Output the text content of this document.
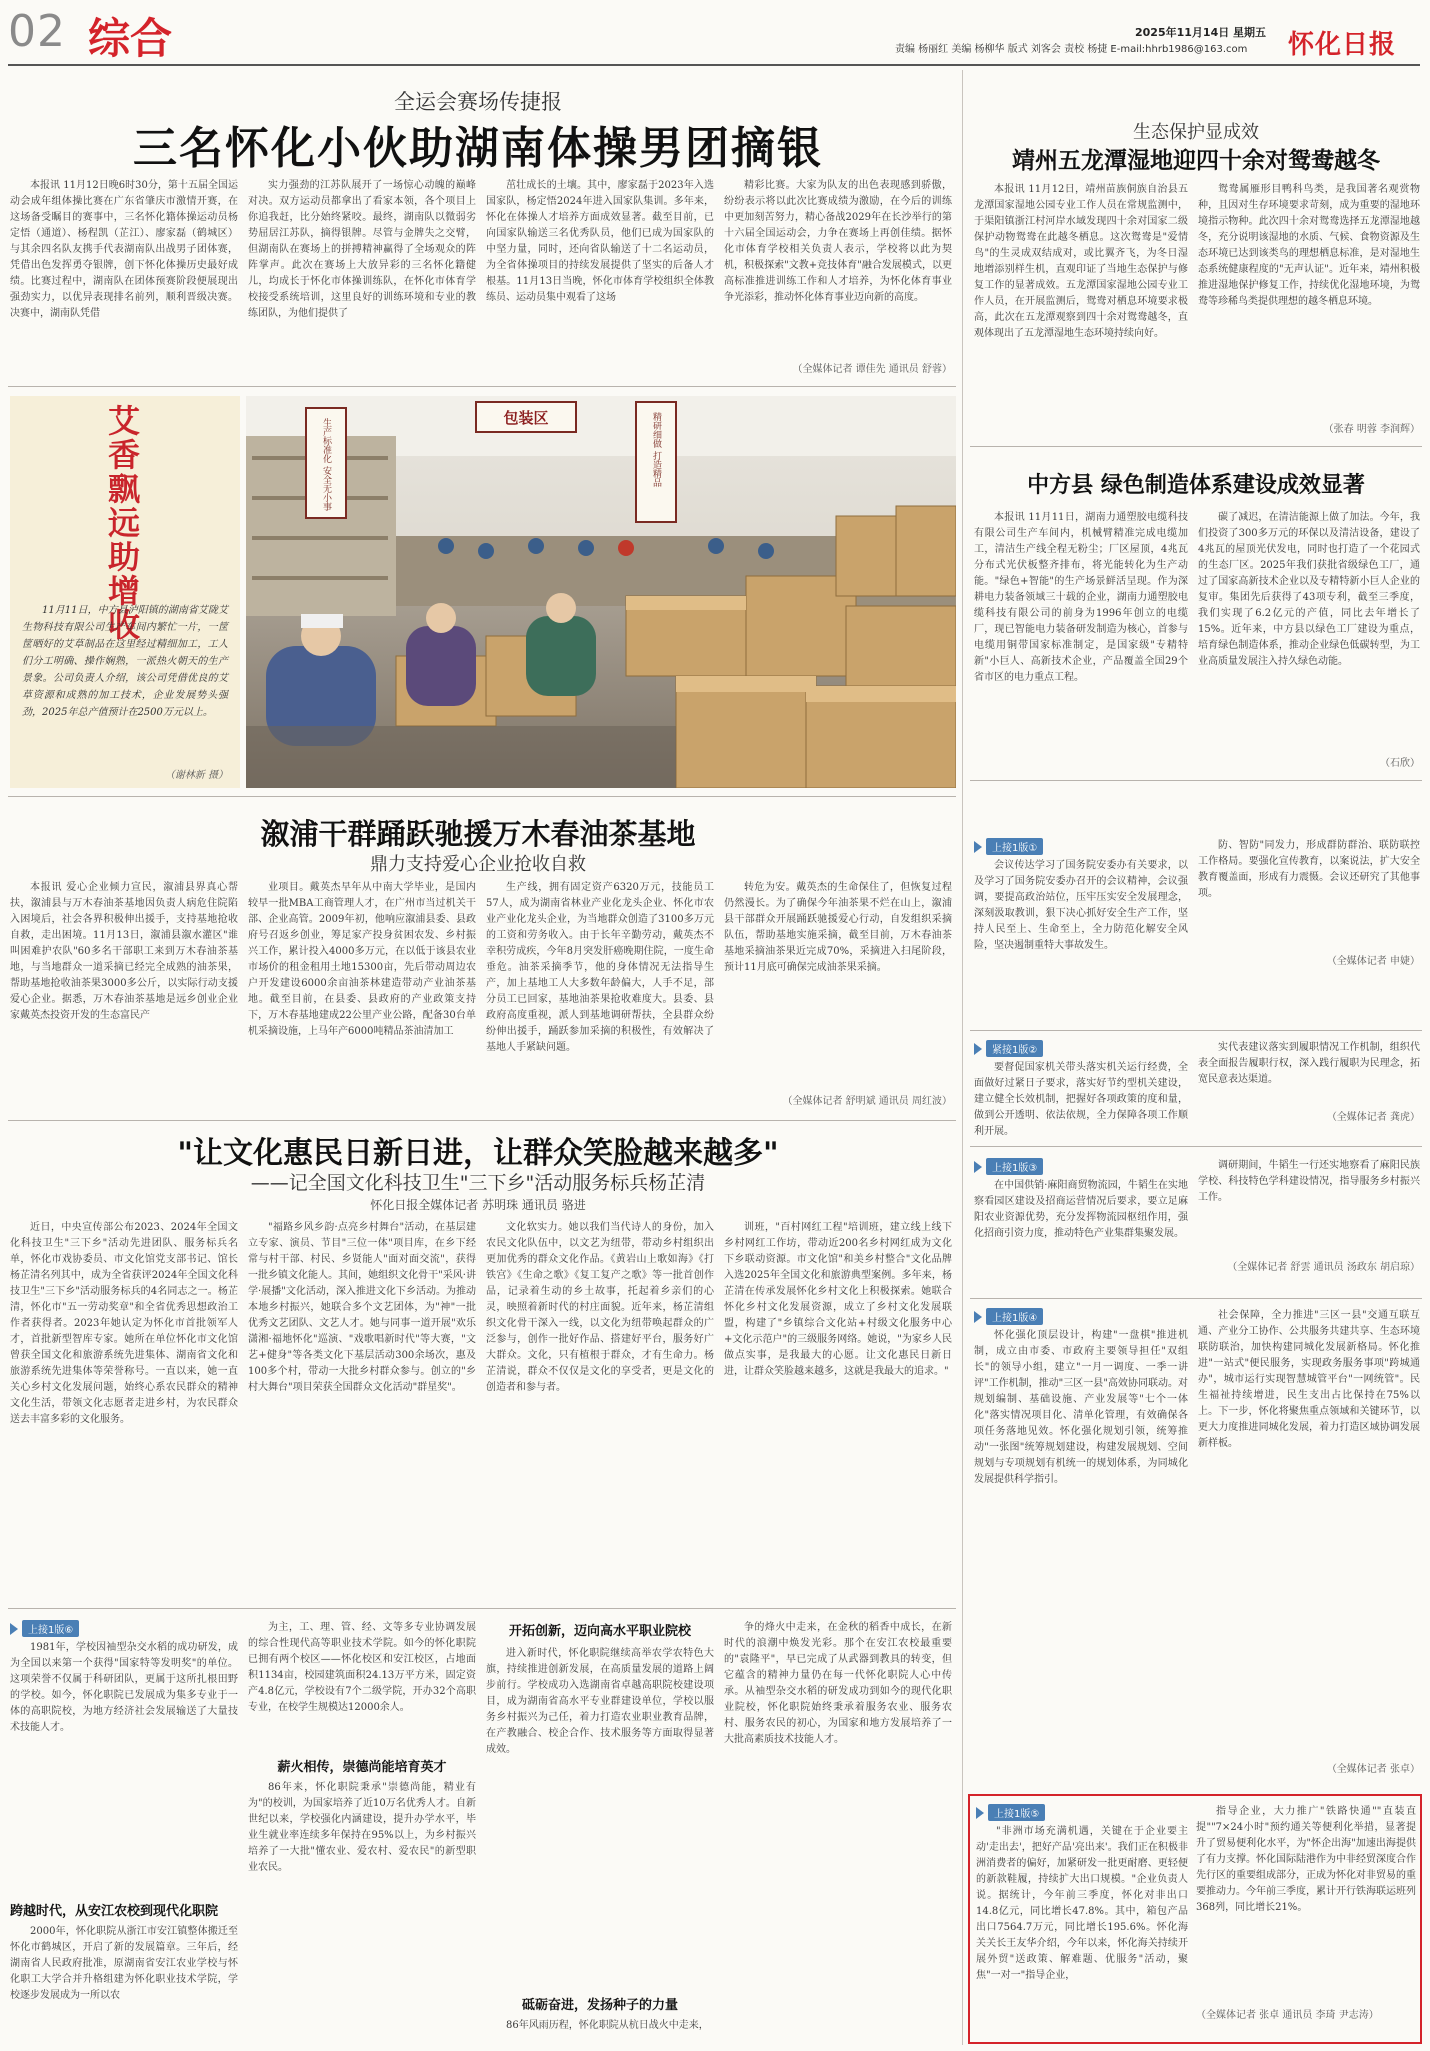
02 综合	2025年11月14日 星期五
责编 杨丽红 美编 杨柳华 版式 刘客会 责校 杨捷 E-mail:hhrb1986@163.com 怀化日报
全运会赛场传捷报
三名怀化小伙助湖南体操男团摘银

本报讯 11月12日晚6时30分，第十五届全国运动会成年组体操比赛在广东省肇庆市激情开赛，在这场备受瞩目的赛事中，三名怀化籍体操运动员杨定悟（通道）、杨程凯（芷江）、廖家磊（鹤城区）与其余四名队友携手代表湖南队出战男子团体赛，凭借出色发挥勇夺银牌，创下怀化体操历史最好成绩。比赛过程中，湖南队在团体预赛阶段便展现出强劲实力，以优异表现排名前列，顺利晋级决赛。决赛中，湖南队凭借

实力强劲的江苏队展开了一场惊心动魄的巅峰对决。双方运动员都拿出了看家本领，各个项目上你追我赶，比分始终紧咬。最终，湖南队以微弱劣势屈居江苏队，摘得银牌。尽管与金牌失之交臂，但湖南队在赛场上的拼搏精神赢得了全场观众的阵阵掌声。此次在赛场上大放异彩的三名怀化籍健儿，均成长于怀化市体操训练队，在怀化市体育学校接受系统培训，这里良好的训练环境和专业的教练团队，为他们提供了

茁壮成长的土壤。其中，廖家磊于2023年入选国家队，杨定悟2024年进入国家队集训。多年来，怀化在体操人才培养方面成效显著。截至目前，已向国家队输送三名优秀队员，他们已成为国家队的中坚力量，同时，还向省队输送了十二名运动员，为全省体操项目的持续发展提供了坚实的后备人才根基。11月13日当晚，怀化市体育学校组织全体教练员、运动员集中观看了这场

精彩比赛。大家为队友的出色表现感到骄傲，纷纷表示将以此次比赛成绩为激励，在今后的训练中更加刻苦努力，精心备战2029年在长沙举行的第十六届全国运动会，力争在赛场上再创佳绩。据怀化市体育学校相关负责人表示，学校将以此为契机，积极探索"文教+竞技体育"融合发展模式，以更高标准推进训练工作和人才培养，为怀化体育事业争光添彩，推动怀化体育事业迈向新的高度。

（全媒体记者 谭佳先 通讯员 舒蓉）
艾香飘远助增收
11月11日，中方县泸阳镇的湖南省艾陇艾生物科技有限公司生产车间内繁忙一片，一筐筐晒好的艾草制品在这里经过精细加工，工人们分工明确、操作娴熟，一派热火朝天的生产景象。公司负责人介绍，该公司凭借优良的艾草资源和成熟的加工技术，企业发展势头强劲，2025年总产值预计在2500万元以上。
（谢林新 摄）
生产标准化 安全无小事	包装区	精研细做 打造精品
溆浦干群踊跃驰援万木春油茶基地
鼎力支持爱心企业抢收自救

本报讯 爱心企业倾力宣民，溆浦县界真心帮扶，溆浦县与万木春油茶基地因负责人病危住院陷入困境后，社会各界积极伸出援手，支持基地抢收自救，走出困境。11月13日，溆浦县溆水灌区"谁叫困难护农队"60多名干部职工来到万木春油茶基地，与当地群众一道采摘已经完全成熟的油茶果，帮助基地抢收油茶果3000多公斤，以实际行动支援爱心企业。据悉，万木春油茶基地是远乡创业企业家戴英杰投资开发的生态富民产

业项目。戴英杰早年从中南大学毕业，是国内较早一批MBA工商管理人才，在广州市当过机关干部、企业高管。2009年初，他响应溆浦县委、县政府号召返乡创业，筹足家产投身贫困农发、乡村振兴工作，累计投入4000多万元，在以低于该县农业市场价的租金租用土地15300亩，先后带动周边农户开发建设6000余亩油茶林建造带动产业油茶基地。截至目前，在县委、县政府的产业政策支持下，万木春基地建成22公里产业公路，配备30台单机采摘设施，上马年产6000吨精品茶油清加工

生产线，拥有固定资产6320万元，技能员工57人，成为湖南省林业产业化龙头企业、怀化市农业产业化龙头企业，为当地群众创造了3100多万元的工资和劳务收入。由于长年辛勤劳动，戴英杰不幸积劳成疾，今年8月突发肝癌晚期住院，一度生命垂危。油茶采摘季节，他的身体情况无法指导生产，加上基地工人大多数年龄偏大，人手不足，部分员工已回家，基地油茶果抢收难度大。县委、县政府高度重视，派人到基地调研帮扶，全县群众纷纷伸出援手，踊跃参加采摘的积极性，有效解决了基地人手紧缺问题。

转危为安。戴英杰的生命保住了，但恢复过程仍然漫长。为了确保今年油茶果不烂在山上，溆浦县干部群众开展踊跃驰援爱心行动，自发组织采摘队伍，帮助基地实施采摘，截至目前，万木春油茶基地采摘油茶果近完成70%，采摘进入扫尾阶段，预计11月底可确保完成油茶果采摘。

（全媒体记者 舒明斌 通讯员 周红波）
"让文化惠民日新日进，让群众笑脸越来越多"
——记全国文化科技卫生"三下乡"活动服务标兵杨芷清
怀化日报全媒体记者 苏明珠 通讯员 骆进

近日，中央宣传部公布2023、2024年全国文化科技卫生"三下乡"活动先进团队、服务标兵名单，怀化市戏协委员、市文化馆党支部书记、馆长杨芷清名列其中，成为全省获评2024年全国文化科技卫生"三下乡"活动服务标兵的4名同志之一。杨芷清，怀化市"五一劳动奖章"和全省优秀思想政治工作者获得者。2023年她认定为怀化市首批领军人才，首批新型智库专家。她所在单位怀化市文化馆曾获全国文化和旅游系统先进集体、湖南省文化和旅游系统先进集体等荣誉称号。一直以来，她一直关心乡村文化发展问题，始终心系农民群众的精神文化生活，带领文化志愿者走进乡村，为农民群众送去丰富多彩的文化服务。

"福路乡风乡韵·点亮乡村舞台"活动，在基层建立专家、演员、节目"三位一体"项目库，在乡下经常与村干部、村民、乡贤能人"面对面交流"，获得一批乡镇文化能人。其间，她组织文化骨干"采风·讲学·展播"文化活动，深入推进文化下乡活动。为推动本地乡村振兴，她联合多个文艺团体，为"神"一批优秀文艺团队、文艺人才。她与同事一道开展"欢乐潇湘·福地怀化"巡演、"戏歌唱新时代"等大赛，"文艺+健身"等各类文化下基层活动300余场次，惠及100多个村，带动一大批乡村群众参与。创立的"乡村大舞台"项目荣获全国群众文化活动"群星奖"。

文化软实力。她以我们当代诗人的身份，加入农民文化队伍中，以文艺为纽带，带动乡村组织出更加优秀的群众文化作品。《黄岩山上歌如海》《打铁宫》《生命之歌》《复工复产之歌》等一批首创作品，记录着生动的乡土故事，托起着乡亲们的心灵，映照着新时代的村庄面貌。近年来，杨芷清组织文化骨干深入一线，以文化为纽带唤起群众的广泛参与，创作一批好作品、搭建好平台，服务好广大群众。文化，只有植根于群众，才有生命力。杨芷清说，群众不仅仅是文化的享受者，更是文化的创造者和参与者。

训班，"百村网红工程"培训班，建立线上线下乡村网红工作坊，带动近200名乡村网红成为文化下乡联动资源。市文化馆"和美乡村整合"文化品牌入选2025年全国文化和旅游典型案例。多年来，杨芷清在传承发展怀化乡村文化上积极探索。她联合怀化乡村文化发展资源，成立了乡村文化发展联盟，构建了"乡镇综合文化站+村级文化服务中心+文化示范户"的三级服务网络。她说，"为家乡人民做点实事，是我最大的心愿。让文化惠民日新日进，让群众笑脸越来越多，这就是我最大的追求。"

上接1版⑥

1981年，学校因袖型杂交水稻的成功研发，成为全国以来第一个获得"国家特等发明奖"的单位。这项荣誉不仅属于科研团队，更属于这所扎根田野的学校。如今，怀化职院已发展成为集多专业于一体的高职院校，为地方经济社会发展输送了大量技术技能人才。

跨越时代，从安江农校到现代化职院

2000年，怀化职院从浙江市安江镇整体搬迁至怀化市鹤城区，开启了新的发展篇章。三年后，经湖南省人民政府批准，原湖南省安江农业学校与怀化职工大学合并升格组建为怀化职业技术学院，学校逐步发展成为一所以农

为主，工、理、管、经、文等多专业协调发展的综合性现代高等职业技术学院。如今的怀化职院已拥有两个校区——怀化校区和安江校区，占地面积1134亩，校园建筑面积24.13万平方米，固定资产4.8亿元，学校设有7个二级学院，开办32个高职专业，在校学生规模达12000余人。

薪火相传，崇德尚能培育英才

86年来，怀化职院秉承"崇德尚能，精业有为"的校训，为国家培养了近10万名优秀人才。自新世纪以来，学校强化内涵建设，提升办学水平，毕业生就业率连续多年保持在95%以上，为乡村振兴培养了一大批"懂农业、爱农村、爱农民"的新型职业农民。

开拓创新，迈向高水平职业院校

进入新时代，怀化职院继续高举农学农特色大旗，持续推进创新发展，在高质量发展的道路上阔步前行。学校成功入选湖南省卓越高职院校建设项目，成为湖南省高水平专业群建设单位，学校以服务乡村振兴为己任，着力打造农业职业教育品牌，在产教融合、校企合作、技术服务等方面取得显著成效。

砥砺奋进，发扬种子的力量

86年风雨历程，怀化职院从杭日战火中走来，

争的烽火中走来，在金秋的稻香中成长，在新时代的浪潮中焕发光彩。那个在安江农校最重要的"袁隆平"，早已完成了从武器到教具的转变，但它蕴含的精神力量仍在每一代怀化职院人心中传承。从袖型杂交水稻的研发成功到如今的现代化职业院校，怀化职院始终秉承着服务农业、服务农村、服务农民的初心，为国家和地方发展培养了一大批高素质技术技能人才。

生态保护显成效
靖州五龙潭湿地迎四十余对鸳鸯越冬

本报讯 11月12日，靖州苗族侗族自治县五龙潭国家湿地公园专业工作人员在常规监测中，于渠阳镇浙江村河岸水域发现四十余对国家二级保护动物鸳鸯在此越冬栖息。这次鸳鸯是"爱情鸟"的生灵成双结成对，或比翼齐飞，为冬日湿地增添别样生机，直观印证了当地生态保护与修复工作的显著成效。五龙潭国家湿地公园专业工作人员，在开展监测后，鸳鸯对栖息环境要求极高，此次在五龙潭观察到四十余对鸳鸯越冬，直观体现出了五龙潭湿地生态环境持续向好。

鸳鸯属雁形目鸭科鸟类，是我国著名观赏物种，且因对生存环境要求苛刻，成为重要的湿地环境指示物种。此次四十余对鸳鸯选择五龙潭湿地越冬，充分说明该湿地的水质、气候、食物资源及生态环境已达到该类鸟的理想栖息标准，是对湿地生态系统健康程度的"无声认证"。近年来，靖州积极推进湿地保护修复工作，持续优化湿地环境，为鸳鸯等珍稀鸟类提供理想的越冬栖息环境。

（张春 明蓉 李润辉）
中方县 绿色制造体系建设成效显著

本报讯 11月11日，湖南力通塑胶电缆科技有限公司生产车间内，机械臂精准完成电缆加工，清洁生产线全程无粉尘；厂区屋顶，4兆瓦分布式光伏板整齐排布，将光能转化为生产动能。"绿色+智能"的生产场景鲜活呈现。作为深耕电力装备领域三十载的企业，湖南力通塑胶电缆科技有限公司的前身为1996年创立的电缆厂，现已智能电力装备研发制造为核心，首参与电缆用铜带国家标准制定，是国家级"专精特新"小巨人、高新技术企业，产品覆盖全国29个省市区的电力重点工程。

碳了减迟，在清洁能源上做了加法。今年，我们投资了300多万元的环保以及清洁设备，建设了4兆瓦的屋顶光伏发电，同时也打造了一个花园式的生态厂区。2025年我们获批省级绿色工厂，通过了国家高新技术企业以及专精特新小巨人企业的复审。集团先后获得了43项专利，截至三季度，我们实现了6.2亿元的产值，同比去年增长了15%。近年来，中方县以绿色工厂建设为重点，培育绿色制造体系，推动企业绿色低碳转型，为工业高质量发展注入持久绿色动能。

（石欣）
上接1版①

会议传达学习了国务院安委办有关要求，以及学习了国务院安委办召开的会议精神，会议强调，要提高政治站位，压牢压实安全发展理念，深刻汲取教训，狠下决心抓好安全生产工作，坚持人民至上、生命至上，全力防范化解安全风险，坚决遏制重特大事故发生。

防、智防"同发力，形成群防群治、联防联控工作格局。要强化宣传教育，以案说法，扩大安全教育覆盖面，形成有力震慑。会议还研究了其他事项。

（全媒体记者 申婕）
紧接1版②

要督促国家机关带头落实机关运行经费，全面做好过紧日子要求，落实好节约型机关建设，建立健全长效机制，把握好各项政策的度和量，做到公开透明、依法依规，全力保障各项工作顺利开展。

实代表建议落实到履职情况工作机制，组织代表全面报告履职行权，深入践行履职为民理念，拓宽民意表达渠道。

（全媒体记者 龚虎）
上接1版③

在中国供销·麻阳商贸物流园，牛韬生在实地察看园区建设及招商运营情况后要求，要立足麻阳农业资源优势，充分发挥物流园枢纽作用，强化招商引资力度，推动特色产业集群集聚发展。

调研期间，牛韬生一行还实地察看了麻阳民族学校、科技特色学科建设情况，指导服务乡村振兴工作。

（全媒体记者 舒雲 通讯员 汤政东 胡启琼）
上接1版④

怀化强化顶层设计，构建"一盘棋"推进机制，成立由市委、市政府主要领导担任"双组长"的领导小组，建立"一月一调度、一季一讲评"工作机制，推动"三区一县"高效协同联动。对规划编制、基础设施、产业发展等"七个一体化"落实情况项目化、清单化管理，有效确保各项任务落地见效。怀化强化规划引领，统筹推动"一张图"统筹规划建设，构建发展规划、空间规划与专项规划有机统一的规划体系，为同城化发展提供科学指引。

社会保障，全力推进"三区一县"交通互联互通、产业分工协作、公共服务共建共享、生态环境联防联治，加快构建同城化发展新格局。怀化推进"一站式"便民服务，实现政务服务事项"跨城通办"，城市运行实现智慧城管平台"一网统管"。民生福祉持续增进，民生支出占比保持在75%以上。下一步，怀化将聚焦重点领域和关键环节，以更大力度推进同城化发展，着力打造区域协调发展新样板。

（全媒体记者 张卓）
上接1版⑤

"非洲市场充满机遇，关键在于企业要主动'走出去'，把好产品'亮出来'。我们正在积极非洲消费者的偏好，加紧研发一批更耐磨、更轻便的新款鞋履，持续扩大出口规模。"企业负责人说。据统计，今年前三季度，怀化对非出口14.8亿元，同比增长47.8%。其中，箱包产品出口7564.7万元，同比增长195.6%。怀化海关关长王友华介绍，今年以来，怀化海关持续开展外贸"送政策、解难题、优服务"活动，聚焦"一对一"指导企业，

指导企业，大力推广"铁路快通""直装直提""7×24小时"预约通关等便利化举措，显著提升了贸易便利化水平，为"怀企出海"加速出海提供了有力支撑。怀化国际陆港作为中非经贸深度合作先行区的重要组成部分，正成为怀化对非贸易的重要推动力。今年前三季度，累计开行铁海联运班列368列，同比增长21%。

（全媒体记者 张卓 通讯员 李琦 尹志涛）
